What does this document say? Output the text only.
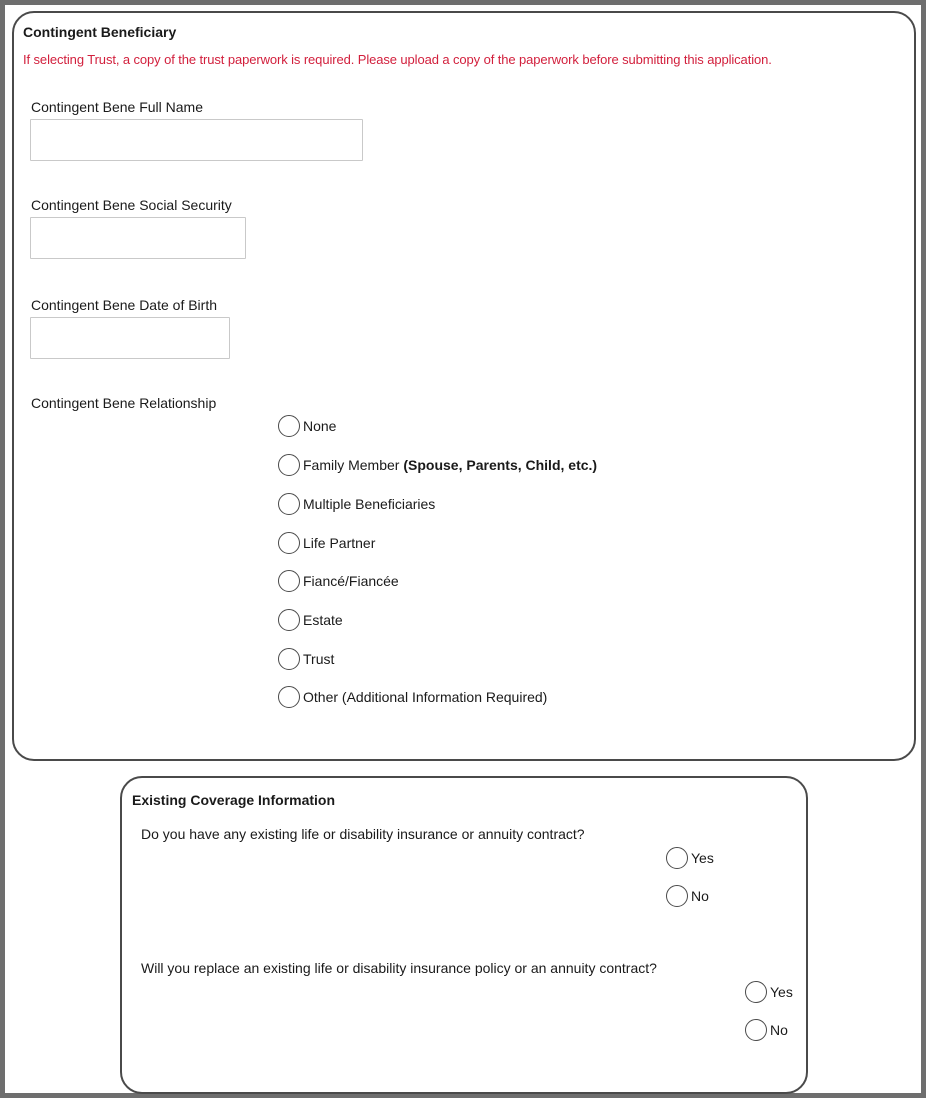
Contingent Beneficiary
If selecting Trust, a copy of the trust paperwork is required. Please upload a copy of the paperwork before submitting this application.
Contingent Bene Full Name
Contingent Bene Social Security
Contingent Bene Date of Birth
Contingent Bene Relationship
None
Family Member (Spouse, Parents, Child, etc.)
Multiple Beneficiaries
Life Partner
Fiancé/Fiancée
Estate
Trust
Other (Additional Information Required)
Existing Coverage Information
Do you have any existing life or disability insurance or annuity contract?
Yes
No
Will you replace an existing life or disability insurance policy or an annuity contract?
Yes
No
